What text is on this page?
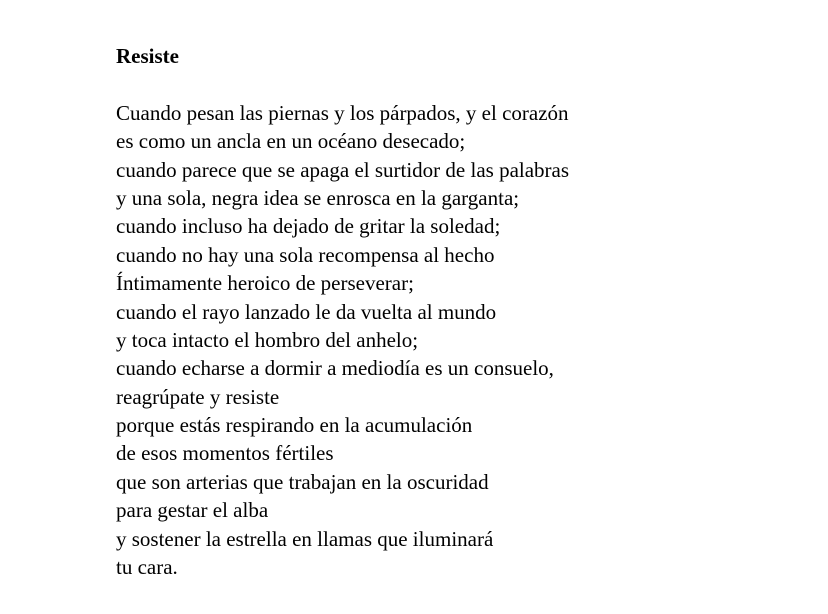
Resiste

Cuando pesan las piernas y los párpados, y el corazón

es como un ancla en un océano desecado;

cuando parece que se apaga el surtidor de las palabras

y una sola, negra idea se enrosca en la garganta;

cuando incluso ha dejado de gritar la soledad;

cuando no hay una sola recompensa al hecho

Íntimamente heroico de perseverar;

cuando el rayo lanzado le da vuelta al mundo

y toca intacto el hombro del anhelo;

cuando echarse a dormir a mediodía es un consuelo,

reagrúpate y resiste

porque estás respirando en la acumulación

de esos momentos fértiles

que son arterias que trabajan en la oscuridad

para gestar el alba

y sostener la estrella en llamas que iluminará

tu cara.
